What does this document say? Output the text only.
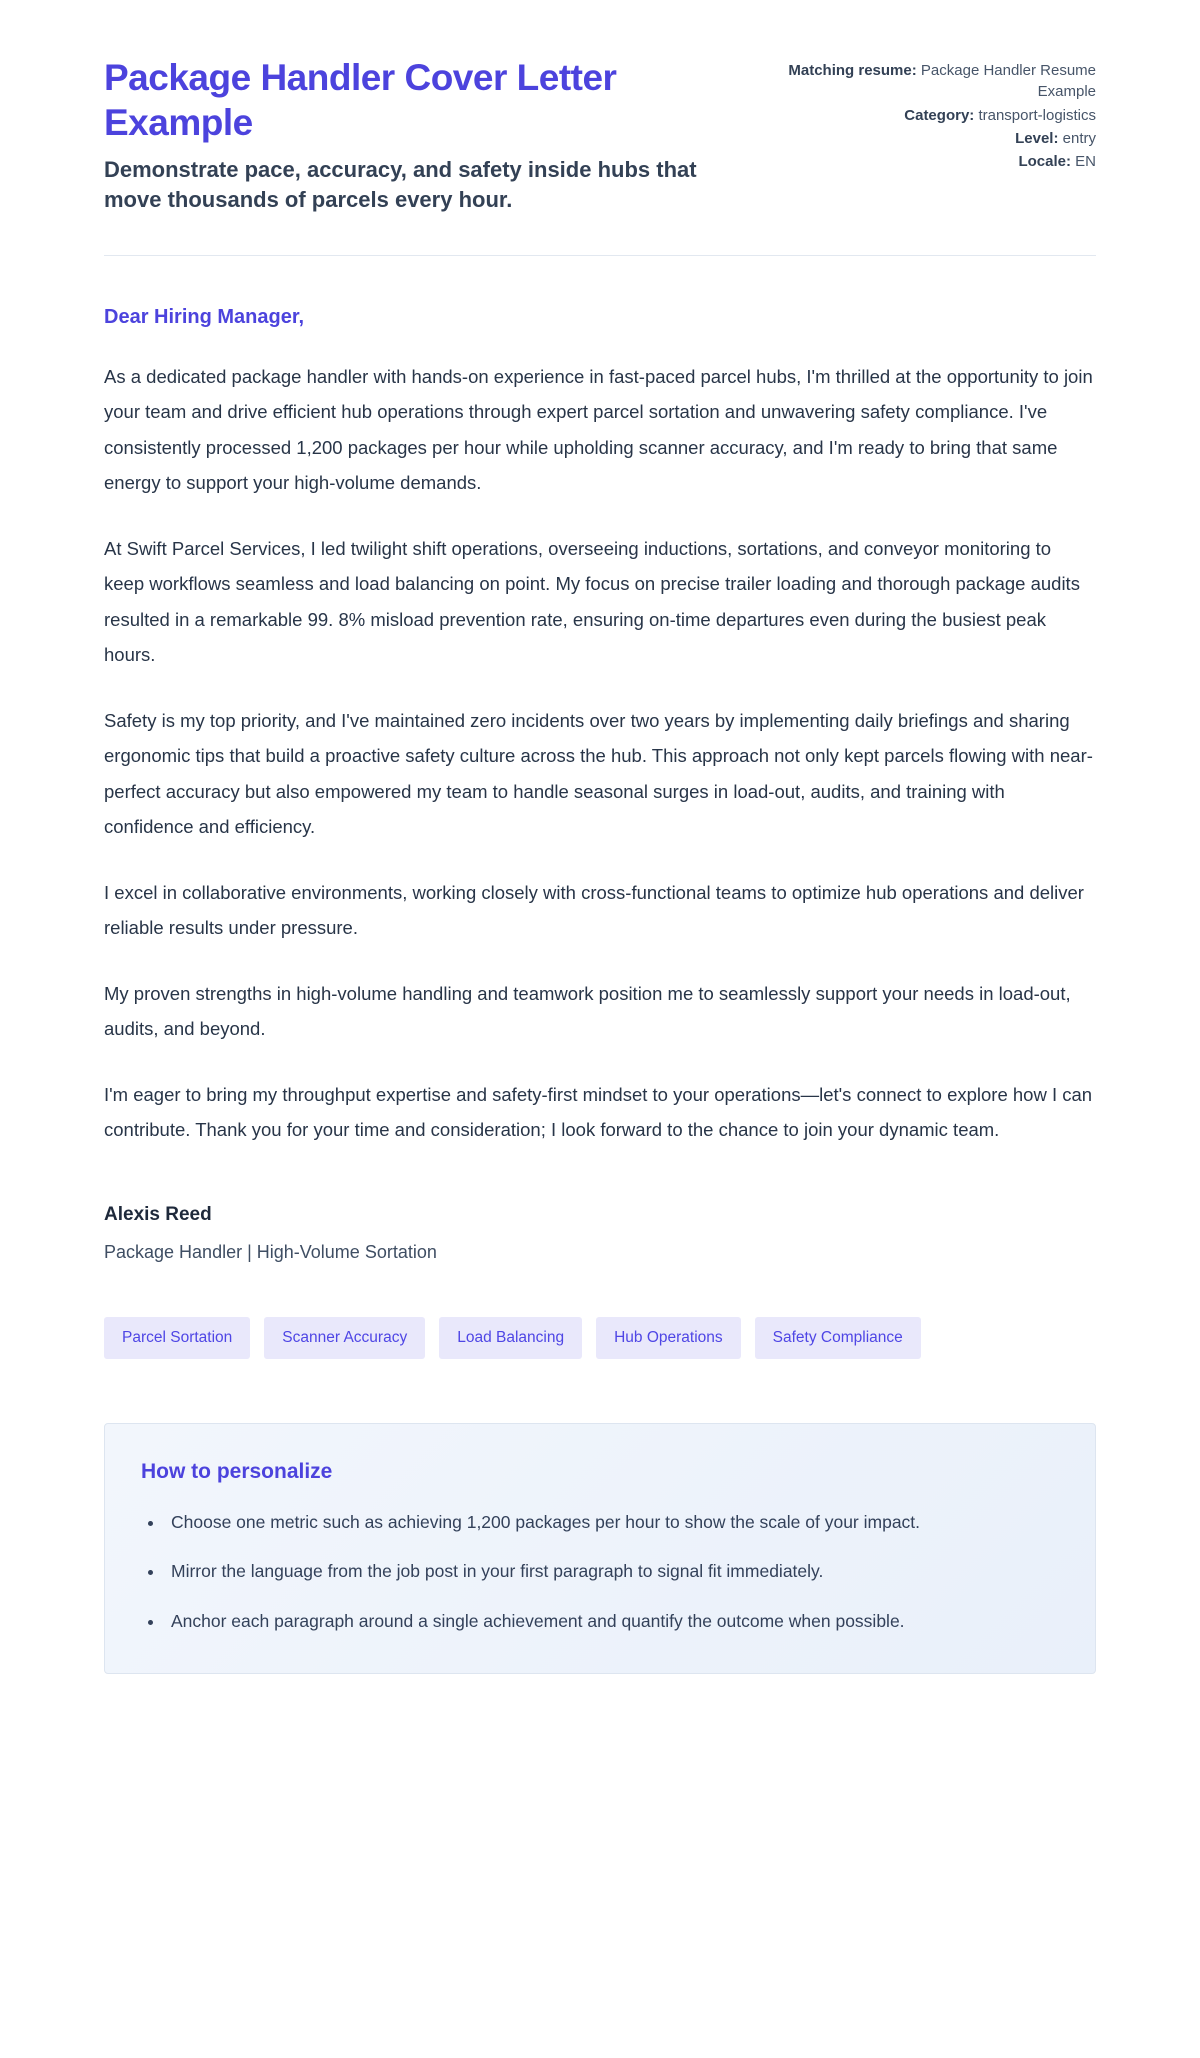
Package Handler Cover Letter Example

Demonstrate pace, accuracy, and safety inside hubs that move thousands of parcels every hour.

Matching resume: Package Handler Resume Example
Category: transport-logistics
Level: entry
Locale: EN

Dear Hiring Manager,

As a dedicated package handler with hands-on experience in fast-paced parcel hubs, I'm thrilled at the opportunity to join your team and drive efficient hub operations through expert parcel sortation and unwavering safety compliance. I've consistently processed 1,200 packages per hour while upholding scanner accuracy, and I'm ready to bring that same energy to support your high-volume demands.

At Swift Parcel Services, I led twilight shift operations, overseeing inductions, sortations, and conveyor monitoring to keep workflows seamless and load balancing on point. My focus on precise trailer loading and thorough package audits resulted in a remarkable 99. 8% misload prevention rate, ensuring on-time departures even during the busiest peak hours.

Safety is my top priority, and I've maintained zero incidents over two years by implementing daily briefings and sharing ergonomic tips that build a proactive safety culture across the hub. This approach not only kept parcels flowing with near-perfect accuracy but also empowered my team to handle seasonal surges in load-out, audits, and training with confidence and efficiency.

I excel in collaborative environments, working closely with cross-functional teams to optimize hub operations and deliver reliable results under pressure.

My proven strengths in high-volume handling and teamwork position me to seamlessly support your needs in load-out, audits, and beyond.

I'm eager to bring my throughput expertise and safety-first mindset to your operations—let's connect to explore how I can contribute. Thank you for your time and consideration; I look forward to the chance to join your dynamic team.

Alexis Reed

Package Handler | High-Volume Sortation

Parcel Sortation	Scanner Accuracy	Load Balancing	Hub Operations	Safety Compliance
How to personalize
• Choose one metric such as achieving 1,200 packages per hour to show the scale of your impact.
• Mirror the language from the job post in your first paragraph to signal fit immediately.
• Anchor each paragraph around a single achievement and quantify the outcome when possible.
